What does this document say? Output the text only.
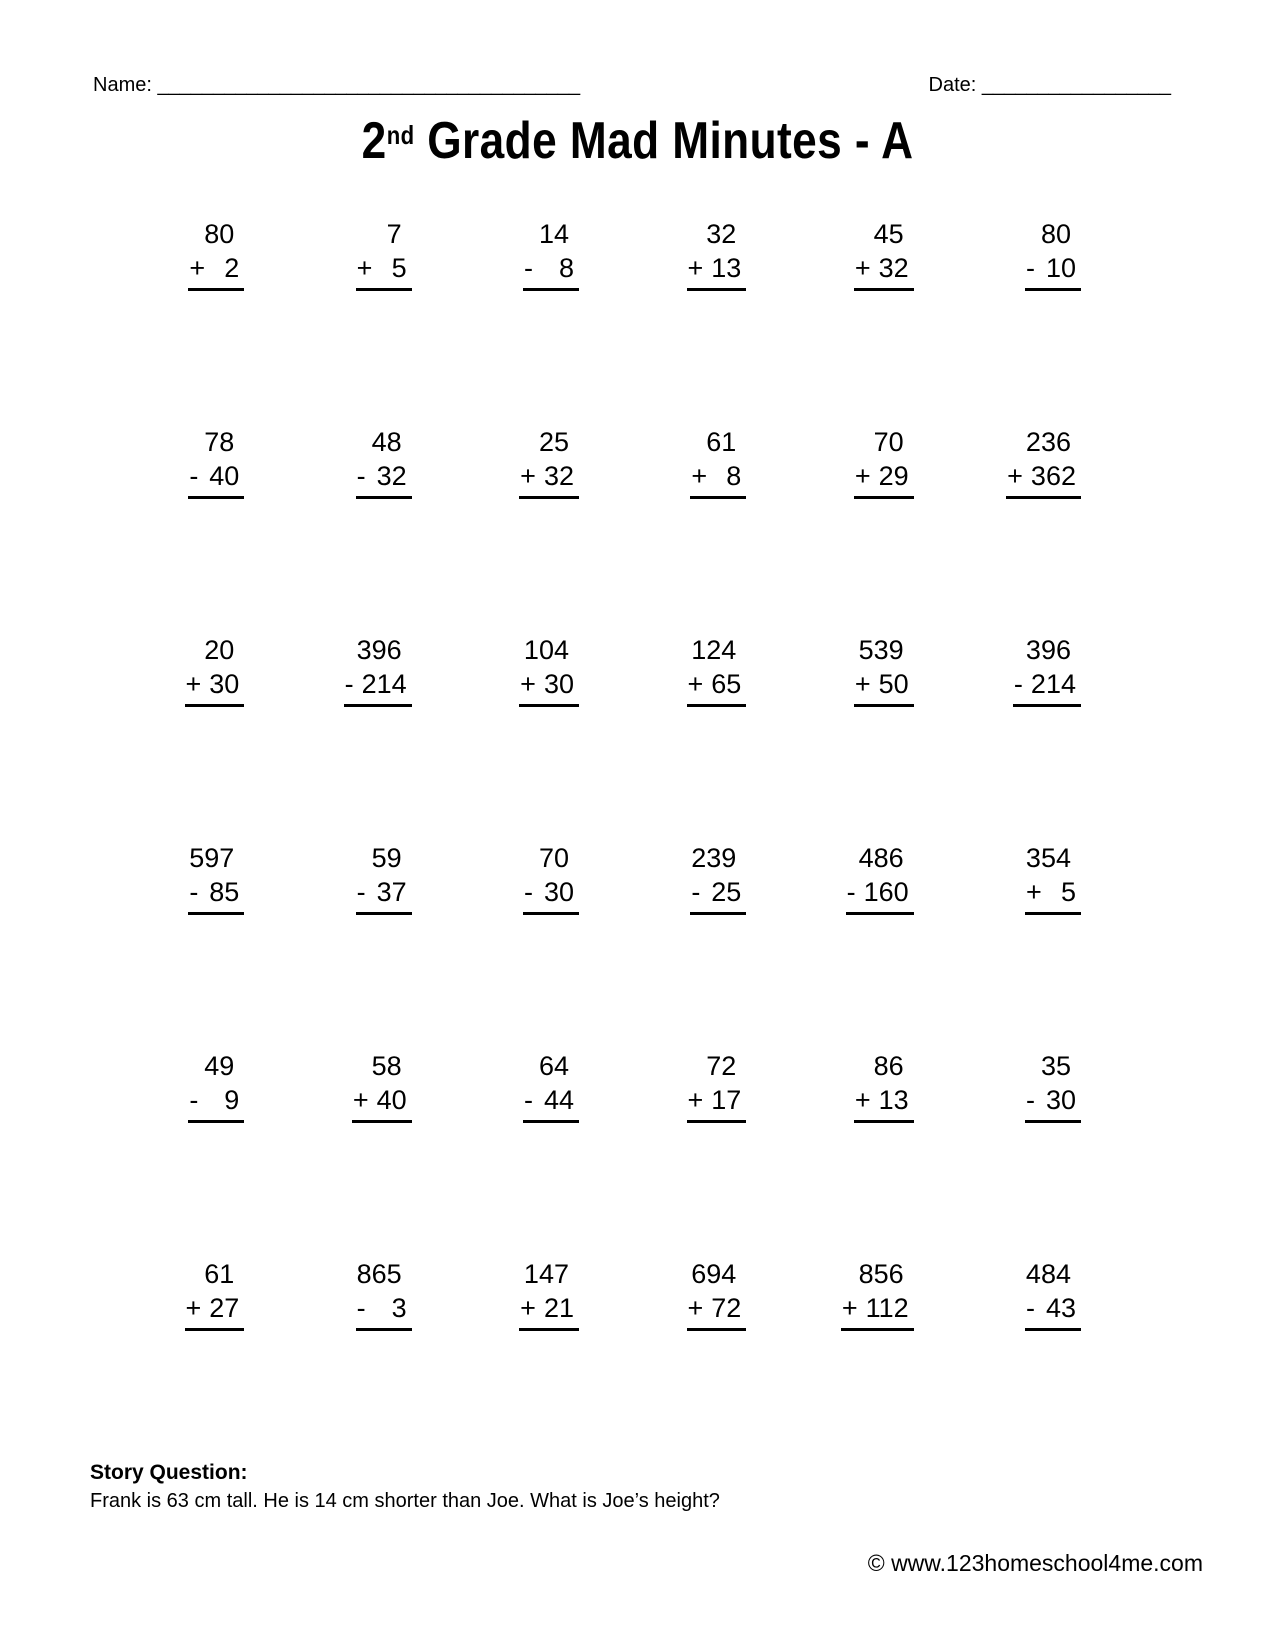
Name: ______________________________________	Date: _________________
2nd Grade Mad Minutes - A
80
+ 2
7
+ 5
14
- 8
32
+ 13
45
+ 32
80
- 10
78
- 40
48
- 32
25
+ 32
61
+ 8
70
+ 29
236
+ 362
20
+ 30
396
- 214
104
+ 30
124
+ 65
539
+ 50
396
- 214
597
- 85
59
- 37
70
- 30
239
- 25
486
- 160
354
+ 5
49
- 9
58
+ 40
64
- 44
72
+ 17
86
+ 13
35
- 30
61
+ 27
865
- 3
147
+ 21
694
+ 72
856
+ 112
484
- 43
Story Question:
Frank is 63 cm tall. He is 14 cm shorter than Joe. What is Joe’s height?
© www.123homeschool4me.com
